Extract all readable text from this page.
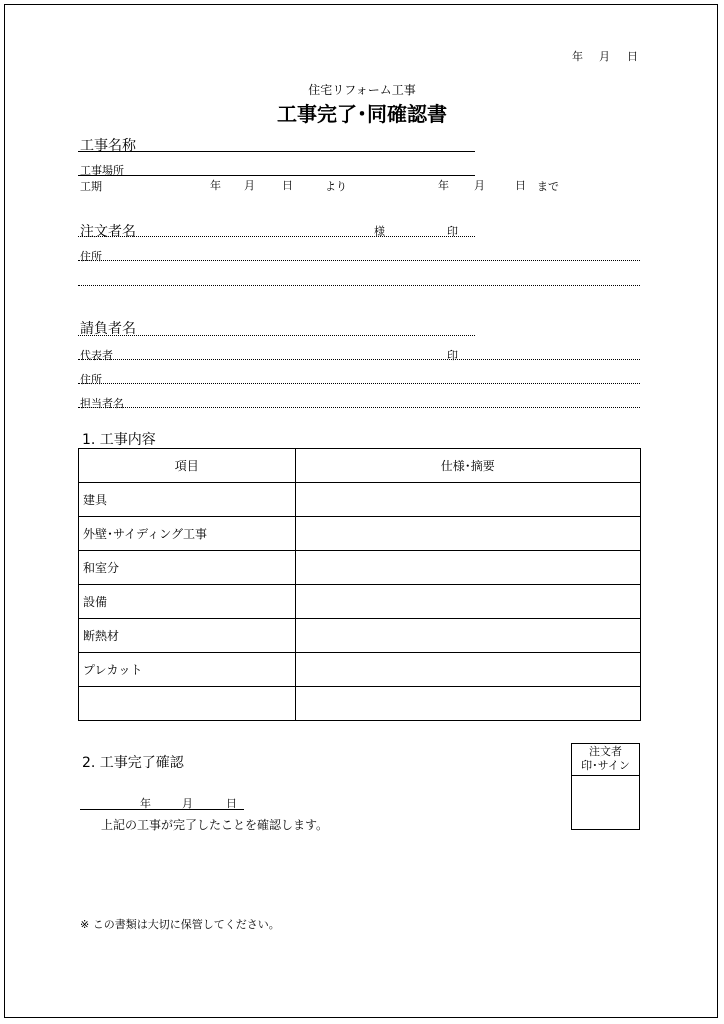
年 月 日
住宅リフォーム工事
工事完了･同確認書
工事名称
工事場所
工期	年 月 日	より	年 月	日 まで
注文者名	様	印
住所
請負者名
代表者	印
住所
担当者名
1. 工事内容
項目	仕様･摘要
建具	
外壁･サイディング工事	
和室分	
設備	
断熱材	
プレカット	

2. 工事完了確認
年	月	日
上記の工事が完了したことを確認します。
注文者
印･サイン
※ この書類は大切に保管してください。
